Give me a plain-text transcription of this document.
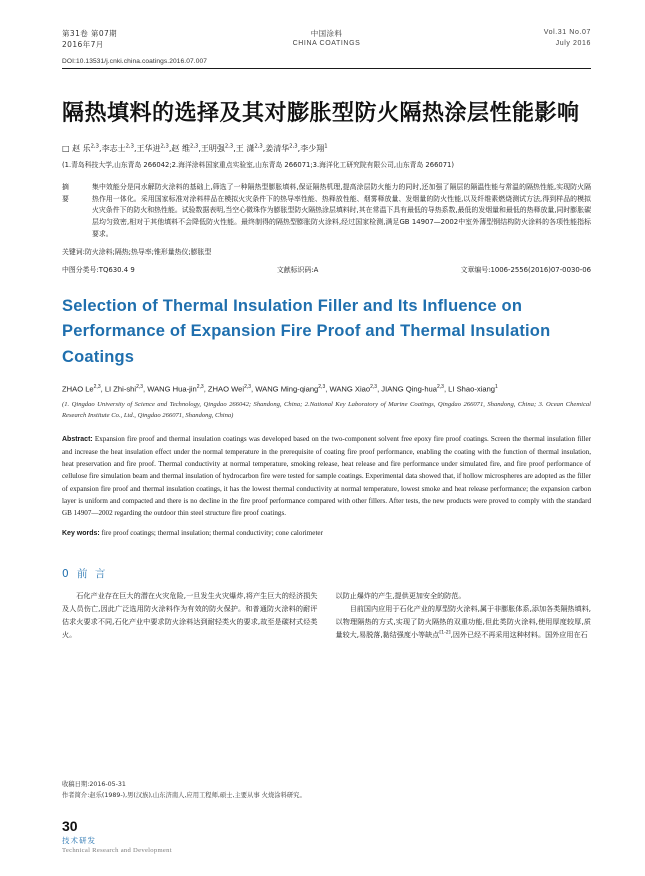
第31卷 第07期
2016年7月
中国涂料
CHINA COATINGS
Vol.31 No.07
July 2016
DOI:10.13531/j.cnki.china.coatings.2016.07.007
隔热填料的选择及其对膨胀型防火隔热涂层性能影响
□ 赵 乐$^{2,3}$,李志士$^{2,3}$,王华进$^{2,3}$,赵 维$^{2,3}$,王明强$^{2,3}$,王 潇$^{2,3}$,姜清华$^{2,3}$,李少翔$^1$
(1.青岛科技大学,山东青岛 266042;2.海洋涂料国家重点实验室,山东青岛 266071;3.海洋化工研究院有限公司,山东青岛 266071)
摘 要
集中效能分是同水解防火涂料的基础上,筛选了一种隔热型膨胀填料,保证隔热机理,提高涂层防火能力的同时,还加强了隔层的隔温性能与常温的隔热性能,实现防火隔热作用一体化。采用国家标准对涂料样品在模拟火灾条件下的热导率性能、热释放性能、烟雾释放量、发烟量的防火性能,以及纤维素燃烧测试方法,得到样品的模拟火灾条件下的防火和热性能。试验数据表明,当空心微珠作为膨胀型防火隔热涂层填料时,其在常温下具有最低的导热系数,最低的发烟量和最低的热释放量,同时膨胀碳层均匀致密,相对于其他填料不会降低防火性能。最终制得的隔热型膨胀防火涂料,经过国家检测,满足GB 14907—2002中室外薄型钢结构防火涂料的各项性能指标要求。
关键词:防火涂料;隔热;热导率;锥形量热仪;膨胀型
中图分类号:TQ630.4 9	文献标识码:A	文章编号:1006-2556(2016)07-0030-06
Selection of Thermal Insulation Filler and Its Influence on Performance of Expansion Fire Proof and Thermal Insulation Coatings
ZHAO Le$^{2,3}$, LI Zhi-shi$^{2,3}$, WANG Hua-jin$^{2,3}$, ZHAO Wei$^{2,3}$, WANG Ming-qiang$^{2,3}$, WANG Xiao$^{2,3}$, JIANG Qing-hua$^{2,3}$, LI Shao-xiang$^1$
(1. Qingdao University of Science and Technology, Qingdao 266042; Shandong, China; 2.National Key Laboratory of Marine Coatings, Qingdao 266071, Shandong, China; 3. Ocean Chemical Research Institute Co., Ltd., Qingdao 266071, Shandong, China)
Abstract: Expansion fire proof and thermal insulation coatings was developed based on the two-component solvent free epoxy fire proof coatings. Screen the thermal insulation filler and increase the heat insulation effect under the normal temperature in the prerequisite of coating fire proof performance, enabling the coating with the function of thermal insulation, heat preservation and fire proof. Thermal conductivity at normal temperature, smoking release, heat release and fire performance under simulated fire, and fire proof performance of cellulose fire simulation beam and thermal insulation of hydrocarbon fire were tested for sample coatings. Experimental data showed that, if hollow microspheres are adopted as the filler of expansion fire proof and thermal insulation coatings, it has the lowest thermal conductivity at normal temperature, lowest smoke and heat release performance; the expansion carbon layer is uniform and compacted and there is no decline in the fire proof performance compared with other fillers. After tests, the new products were proved to comply with the standard GB 14907—2002 regarding the outdoor thin steel structure fire proof coatings.
Key words: fire proof coatings; thermal insulation; thermal conductivity; cone calorimeter
0 前 言

石化产业存在巨大的潜在火灾危险,一旦发生火灾爆炸,将产生巨大的经济损失及人员伤亡,因此广泛选用防火涂料作为有效的防火保护。和普通防火涂料的耐评估求火要求不同,石化产业中要求防火涂料达到耐轻类火的要求,故至是碳材式烃类火。

以防止爆炸的产生,提供更加安全的防范。

目前国内应用于石化产业的厚型防火涂料,属于非膨胀体系,添加各类隔热填料,以物理隔热的方式,实现了防火隔热的双重功能,但此类防火涂料,使用厚度较厚,质量较大,易脱落,黏结强度小等缺点[1-2],因外已经不再采用这种材料。国外应用在石

收稿日期:2016-05-31
作者简介:赵乐(1989-),男(汉族),山东济南人,应用工程师,硕士,主要从事 火烧涂料研究。
30
技术研发
Technical Research and Development
